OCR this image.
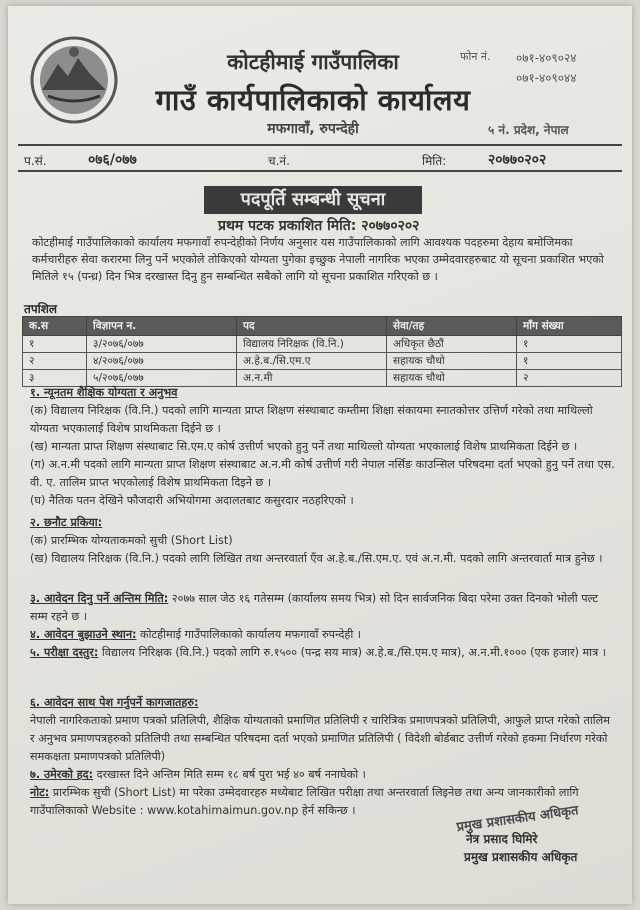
कोटहीमाई गाउँपालिका
गाउँ कार्यपालिकाको कार्यालय
मफगावाँ, रुपन्देही
फोन नं. ०७१-४०९०२४
०७१-४०९०४४
५ नं. प्रदेश, नेपाल
प.सं.	०७६/०७७	च.नं.	मिति:	२०७७०२०२
पदपूर्ति सम्बन्धी सूचना
प्रथम पटक प्रकाशित मिति: २०७७०२०२
कोटहीमाई गाउँपालिकाको कार्यालय मफगावाँ रुपन्देहीको निर्णय अनुसार यस गाउँपालिकाको लागि आवश्यक पदहरुमा देहाय बमोजिमका कर्मचारीहरु सेवा करारमा लिनु पर्ने भएकोले तोकिएको योग्यता पुगेका इच्छुक नेपाली नागरिक भएका उम्मेदवारहरुबाट यो सूचना प्रकाशित भएको मितिले १५ (पन्ध्र) दिन भित्र दरखास्त दिनु हुन सम्बन्धित सबैको लागि यो सूचना प्रकाशित गरिएको छ ।
तपशिल
क.स	विज्ञापन न.	पद	सेवा/तह	माँग संख्या
१	३/२०७६/०७७	विद्यालय निरिक्षक (वि.नि.)	अधिकृत छैठौं	१
२	४/२०७६/०७७	अ.हे.ब./सि.एम.ए	सहायक चौथो	१
३	५/२०७६/०७७	अ.न.मी	सहायक चौथो	२
१. न्यूनतम शैक्षिक योग्यता र अनुभव
(क) विद्यालय निरिक्षक (वि.नि.) पदको लागि मान्यता प्राप्त शिक्षण संस्थाबाट कम्तीमा शिक्षा संकायमा स्नातकोत्तर उत्तिर्ण गरेको तथा माथिल्लो योग्यता भएकालाई विशेष प्राथमिकता दिईने छ ।
(ख) मान्यता प्राप्त शिक्षण संस्थाबाट सि.एम.ए कोर्ष उत्तीर्ण भएको हुनु पर्ने तथा माथिल्लो योग्यता भएकालाई विशेष प्राथमिकता दिईने छ ।
(ग) अ.न.मी पदको लागि मान्यता प्राप्त शिक्षण संस्थाबाट अ.न.मी कोर्ष उत्तीर्ण गरी नेपाल नर्सिङ काउन्सिल परिषदमा दर्ता भएको हुनु पर्ने तथा एस. वी. ए. तालिम प्राप्त भएकोलाई विशेष प्राथमिकता दिइने छ ।
(घ) नैतिक पतन देखिने फौजदारी अभियोगमा अदालतबाट कसुरदार नठहरिएको ।
२. छनौट प्रकिया:
(क) प्रारम्भिक योग्यताकमको सुची (Short List)
(ख) विद्यालय निरिक्षक (वि.नि.) पदको लागि लिखित तथा अन्तरवार्ता एँव अ.हे.ब./सि.एम.ए. एवं अ.न.मी. पदको लागि अन्तरवार्ता मात्र हुनेछ ।
३. आवेदन दिनु पर्ने अन्तिम मिति: २०७७ साल जेठ १६ गतेसम्म (कार्यालय समय भित्र) सो दिन सार्वजनिक बिदा परेमा उक्त दिनको भोली पल्ट सम्म रहने छ ।
४. आवेदन बुझाउने स्थान: कोटहीमाई गाउँपालिकाको कार्यालय मफगावाँ रुपन्देही ।
५. परीक्षा दस्तुर: विद्यालय निरिक्षक (वि.नि.) पदको लागि रु.१५०० (पन्द्र सय मात्र) अ.हे.ब./सि.एम.ए मात्र), अ.न.मी.१००० (एक हजार) मात्र ।
६. आवेदन साथ पेश गर्नुपर्ने कागजातहरु:
नेपाली नागरिकताको प्रमाण पत्रको प्रतिलिपी, शैक्षिक योग्यताको प्रमाणित प्रतिलिपी र चारित्रिक प्रमाणपत्रको प्रतिलिपी, आफुले प्राप्त गरेको तालिम र अनुभव प्रमाणपत्रहरुको प्रतिलिपी तथा सम्बन्धित परिषदमा दर्ता भएको प्रमाणित प्रतिलिपी ( विदेशी बोर्डबाट उत्तीर्ण गरेको हकमा निर्धारण गरेको समकक्षता प्रमाणपत्रको प्रतिलिपी)
७. उमेरको हद: दरखास्त दिने अन्तिम मिति सम्म १८ बर्ष पुरा भई ४० बर्ष ननाघेको ।
नोट: प्रारम्भिक सुची (Short List) मा परेका उम्मेदवारहरु मध्येबाट लिखित परीक्षा तथा अन्तरवार्ता लिइनेछ तथा अन्य जानकारीको लागि गाउँपालिकाको Website : www.kotahimaimun.gov.np हेर्न सकिन्छ ।	प्रमुख प्रशासकीय अधिकृत
नेत्र प्रसाद घिमिरे
प्रमुख प्रशासकीय अधिकृत
